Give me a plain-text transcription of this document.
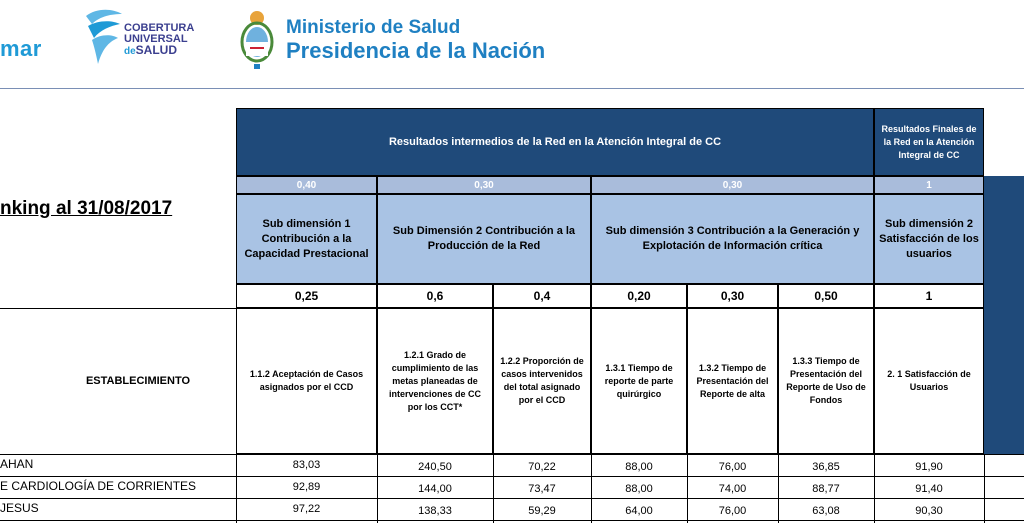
mar
COBERTURA
UNIVERSAL
deSALUD
Ministerio de Salud
Presidencia de la Nación
nking al 31/08/2017
Resultados intermedios de la Red en la Atención Integral de CC
Resultados Finales de la Red en la Atención Integral de CC
0,40	0,30	0,30	1
Sub dimensión 1 Contribución a la Capacidad Prestacional
Sub Dimensión 2 Contribución a la Producción de la Red
Sub dimensión 3 Contribución a la Generación y Explotación de Información crítica
Sub dimensión 2 Satisfacción de los usuarios
0,25	0,6	0,4	0,20	0,30	0,50	1
ESTABLECIMIENTO
1.1.2 Aceptación de Casos asignados por el CCD
1.2.1 Grado de cumplimiento de las metas planeadas de intervenciones de CC por los CCT*
1.2.2 Proporción de casos intervenidos del total asignado por el CCD
1.3.1 Tiempo de reporte de parte quirúrgico
1.3.2 Tiempo de Presentación del Reporte de alta
1.3.3 Tiempo de Presentación del Reporte de Uso de Fondos
2. 1 Satisfacción de Usuarios
AHAN	83,03	240,50	70,22	88,00	76,00	36,85	91,90
E CARDIOLOGÍA DE CORRIENTES	92,89	144,00	73,47	88,00	74,00	88,77	91,40
JESUS	97,22	138,33	59,29	64,00	76,00	63,08	90,30
